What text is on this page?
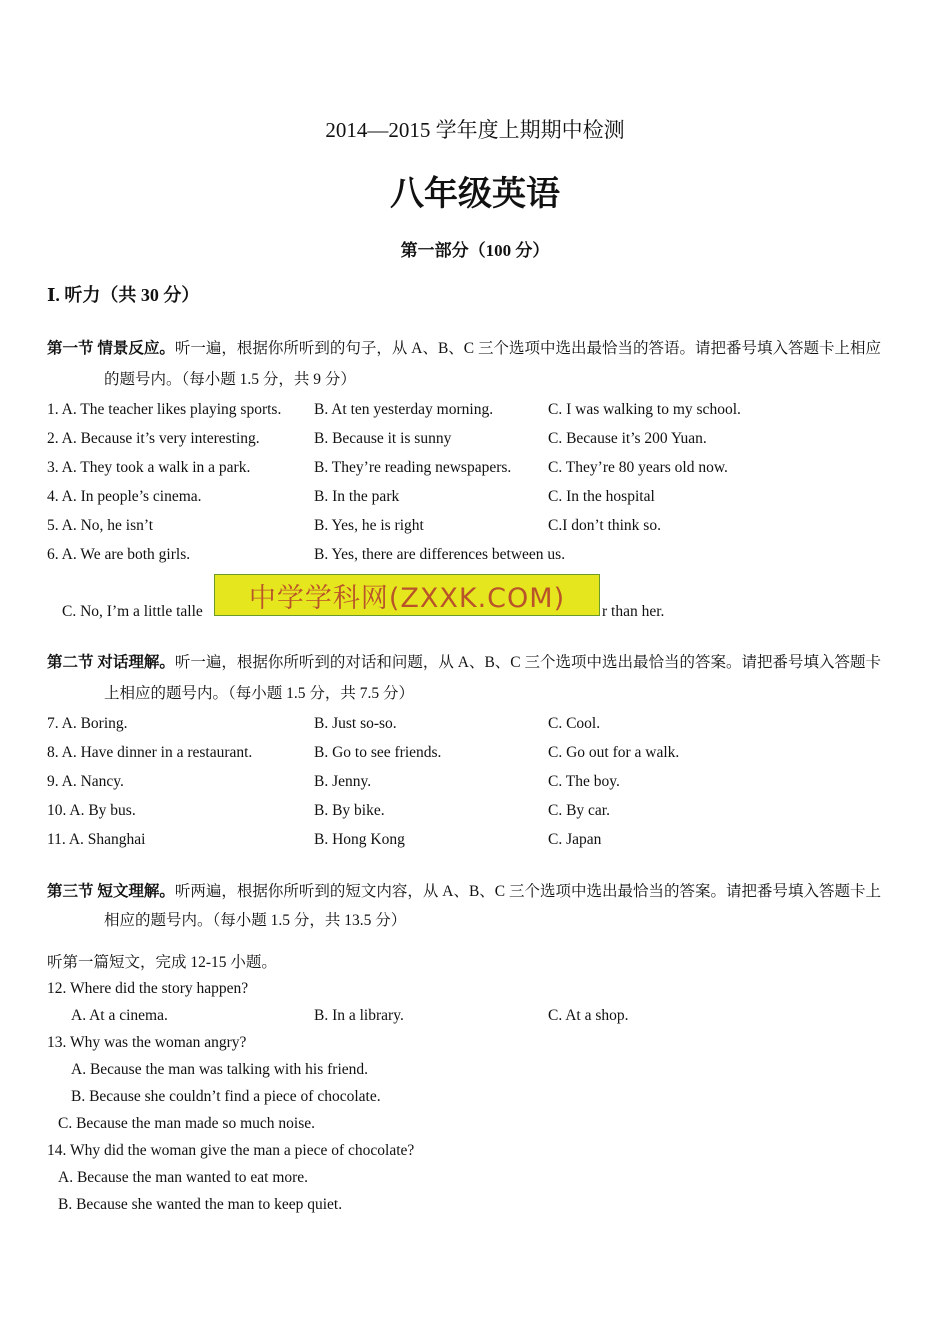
2014—2015 学年度上期期中检测
八年级英语
第一部分（100 分）
Ⅰ. 听力（共 30 分）
第一节 情景反应。听一遍，根据你所听到的句子，从 A、B、C 三个选项中选出最恰当的答语。请把番号填入答题卡上相应
的题号内。（每小题 1.5 分，共 9 分）
1. A. The teacher likes playing sports. B. At ten yesterday morning.	C. I was walking to my school.
2. A. Because it’s very interesting.	B. Because it is sunny	C. Because it’s 200 Yuan.
3. A. They took a walk in a park.	B. They’re reading newspapers. C. They’re 80 years old now.
4. A. In people’s cinema.	B. In the park	C. In the hospital
5. A. No, he isn’t	B. Yes, he is right	C.I don’t think so.
6. A. We are both girls.	B. Yes, there are differences between us.
C. No, I’m a little talle	r than her.
中学学科网(ZXXK.COM)
第二节 对话理解。听一遍，根据你所听到的对话和问题，从 A、B、C 三个选项中选出最恰当的答案。请把番号填入答题卡
上相应的题号内。（每小题 1.5 分，共 7.5 分）
7. A. Boring.	B. Just so-so.	C. Cool.
8. A. Have dinner in a restaurant.	B. Go to see friends.	C. Go out for a walk.
9. A. Nancy.	B. Jenny.	C. The boy.
10. A. By bus.	B. By bike.	C. By car.
11. A. Shanghai	B. Hong Kong	C. Japan
第三节 短文理解。听两遍，根据你所听到的短文内容，从 A、B、C 三个选项中选出最恰当的答案。请把番号填入答题卡上
相应的题号内。（每小题 1.5 分，共 13.5 分）
听第一篇短文，完成 12-15 小题。
12. Where did the story happen?
A. At a cinema.	B. In a library.	C. At a shop.
13. Why was the woman angry?
A. Because the man was talking with his friend.
B. Because she couldn’t find a piece of chocolate.
C. Because the man made so much noise.
14. Why did the woman give the man a piece of chocolate?
A. Because the man wanted to eat more.
B. Because she wanted the man to keep quiet.
